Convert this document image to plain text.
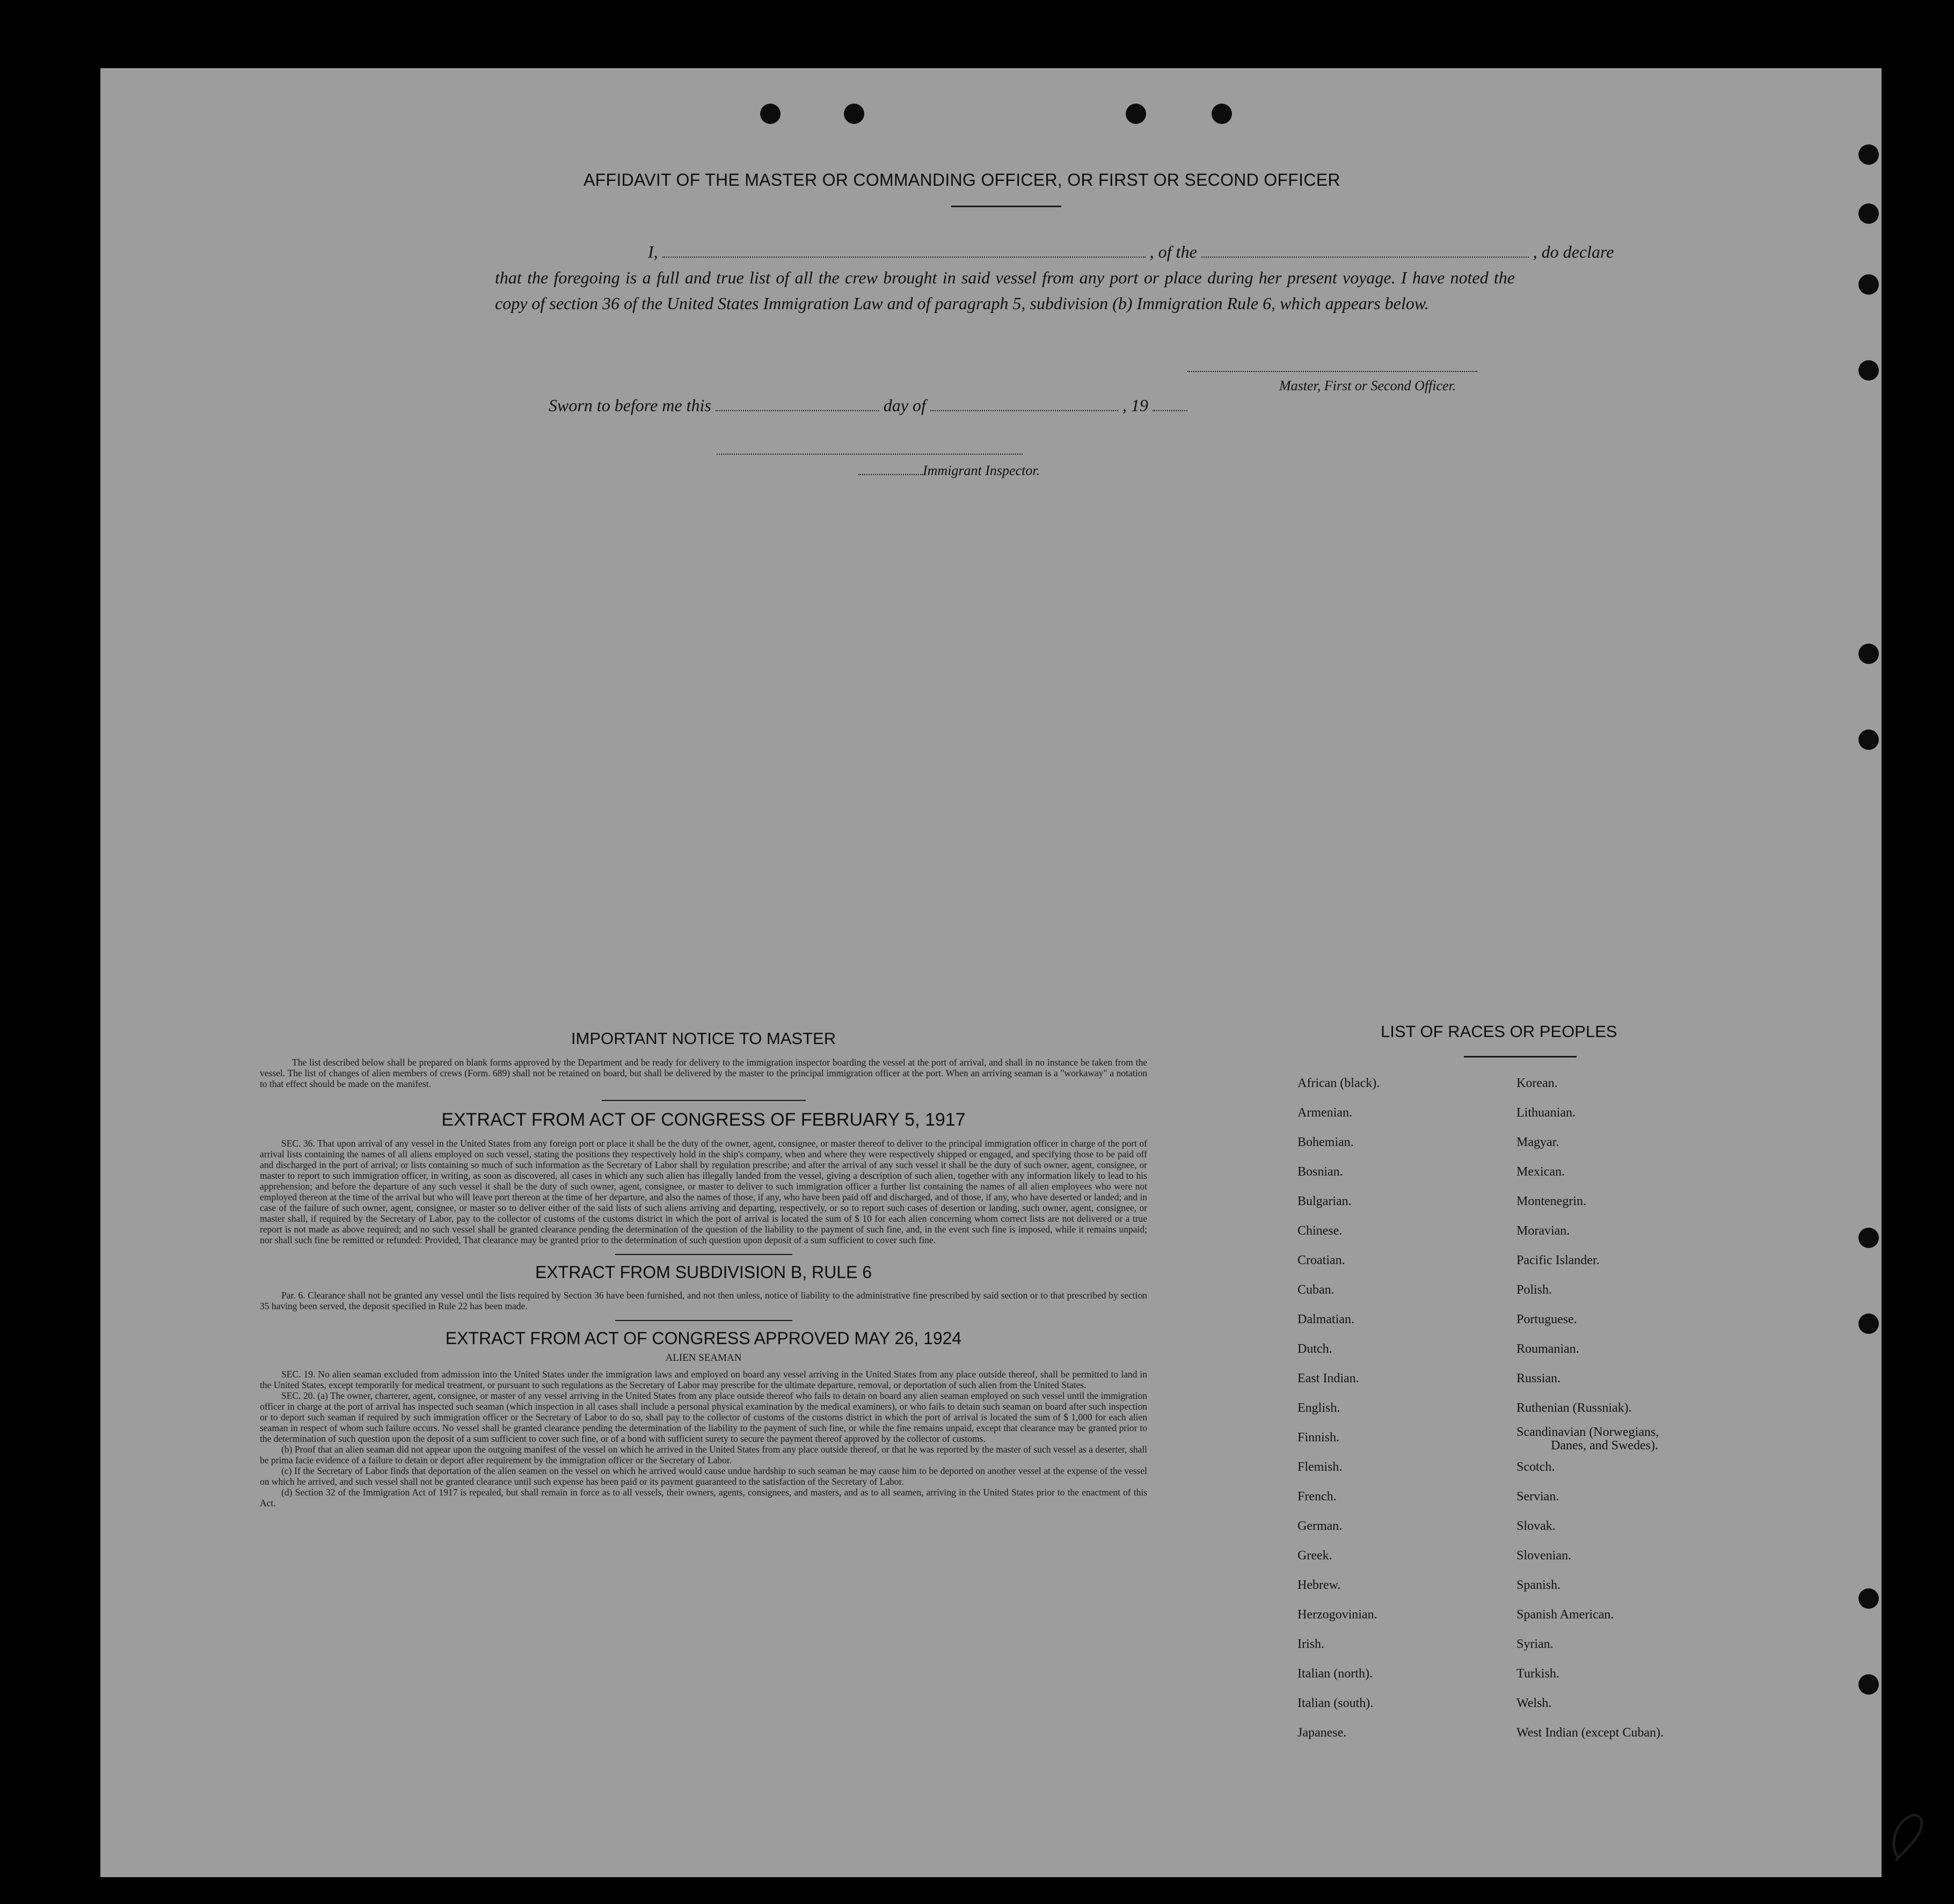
AFFIDAVIT OF THE MASTER OR COMMANDING OFFICER, OR FIRST OR SECOND OFFICER
I,	, of the	, do declare
that the foregoing is a full and true list of all the crew brought in said vessel from any port or place during her present voyage. I have noted the copy of section 36 of the United States Immigration Law and of paragraph 5, subdivision (b) Immigration Rule 6, which appears below.
Master, First or Second Officer.
Sworn to before me this	day of	, 19
Immigrant Inspector.
IMPORTANT NOTICE TO MASTER
The list described below shall be prepared on blank forms approved by the Department and be ready for delivery to the immigration inspector boarding the vessel at the port of arrival, and shall in no instance be taken from the vessel. The list of changes of alien members of crews (Form. 689) shall not be retained on board, but shall be delivered by the master to the principal immigration officer at the port. When an arriving seaman is a "workaway" a notation to that effect should be made on the manifest.
EXTRACT FROM ACT OF CONGRESS OF FEBRUARY 5, 1917
SEC. 36. That upon arrival of any vessel in the United States from any foreign port or place it shall be the duty of the owner, agent, consignee, or master thereof to deliver to the principal immigration officer in charge of the port of arrival lists containing the names of all aliens employed on such vessel, stating the positions they respectively hold in the ship's company, when and where they were respectively shipped or engaged, and specifying those to be paid off and discharged in the port of arrival; or lists containing so much of such information as the Secretary of Labor shall by regulation prescribe; and after the arrival of any such vessel it shall be the duty of such owner, agent, consignee, or master to report to such immigration officer, in writing, as soon as discovered, all cases in which any such alien has illegally landed from the vessel, giving a description of such alien, together with any information likely to lead to his apprehension; and before the departure of any such vessel it shall be the duty of such owner, agent, consignee, or master to deliver to such immigration officer a further list containing the names of all alien employees who were not employed thereon at the time of the arrival but who will leave port thereon at the time of her departure, and also the names of those, if any, who have been paid off and discharged, and of those, if any, who have deserted or landed; and in case of the failure of such owner, agent, consignee, or master so to deliver either of the said lists of such aliens arriving and departing, respectively, or so to report such cases of desertion or landing, such owner, agent, consignee, or master shall, if required by the Secretary of Labor, pay to the collector of customs of the customs district in which the port of arrival is located the sum of $ 10 for each alien concerning whom correct lists are not delivered or a true report is not made as above required; and no such vessel shall be granted clearance pending the determination of the question of the liability to the payment of such fine, and, in the event such fine is imposed, while it remains unpaid; nor shall such fine be remitted or refunded: Provided, That clearance may be granted prior to the determination of such question upon deposit of a sum sufficient to cover such fine.
EXTRACT FROM SUBDIVISION B, RULE 6
Par. 6. Clearance shall not be granted any vessel until the lists required by Section 36 have been furnished, and not then unless, notice of liability to the administrative fine prescribed by said section or to that prescribed by section 35 having been served, the deposit specified in Rule 22 has been made.
EXTRACT FROM ACT OF CONGRESS APPROVED MAY 26, 1924
ALIEN SEAMAN
SEC. 19. No alien seaman excluded from admission into the United States under the immigration laws and employed on board any vessel arriving in the United States from any place outside thereof, shall be permitted to land in the United States, except temporarily for medical treatment, or pursuant to such regulations as the Secretary of Labor may prescribe for the ultimate departure, removal, or deportation of such alien from the United States.
SEC. 20. (a) The owner, charterer, agent, consignee, or master of any vessel arriving in the United States from any place outside thereof who fails to detain on board any alien seaman employed on such vessel until the immigration officer in charge at the port of arrival has inspected such seaman (which inspection in all cases shall include a personal physical examination by the medical examiners), or who fails to detain such seaman on board after such inspection or to deport such seaman if required by such immigration officer or the Secretary of Labor to do so, shall pay to the collector of customs of the customs district in which the port of arrival is located the sum of $ 1,000 for each alien seaman in respect of whom such failure occurs. No vessel shall be granted clearance pending the determination of the liability to the payment of such fine, or while the fine remains unpaid, except that clearance may be granted prior to the determination of such question upon the deposit of a sum sufficient to cover such fine, or of a bond with sufficient surety to secure the payment thereof approved by the collector of customs.
(b) Proof that an alien seaman did not appear upon the outgoing manifest of the vessel on which he arrived in the United States from any place outside thereof, or that he was reported by the master of such vessel as a deserter, shall be prima facie evidence of a failure to detain or deport after requirement by the immigration officer or the Secretary of Labor.
(c) If the Secretary of Labor finds that deportation of the alien seamen on the vessel on which he arrived would cause undue hardship to such seaman he may cause him to be deported on another vessel at the expense of the vessel on which he arrived, and such vessel shall not be granted clearance until such expense has been paid or its payment guaranteed to the satisfaction of the Secretary of Labor.
(d) Section 32 of the Immigration Act of 1917 is repealed, but shall remain in force as to all vessels, their owners, agents, consignees, and masters, and as to all seamen, arriving in the United States prior to the enactment of this Act.
LIST OF RACES OR PEOPLES
African (black).
Armenian.
Bohemian.
Bosnian.
Bulgarian.
Chinese.
Croatian.
Cuban.
Dalmatian.
Dutch.
East Indian.
English.
Finnish.
Flemish.
French.
German.
Greek.
Hebrew.
Herzogovinian.
Irish.
Italian (north).
Italian (south).
Japanese.
Korean.
Lithuanian.
Magyar.
Mexican.
Montenegrin.
Moravian.
Pacific Islander.
Polish.
Portuguese.
Roumanian.
Russian.
Ruthenian (Russniak).
Scandinavian (Norwegians,
Danes, and Swedes).
Scotch.
Servian.
Slovak.
Slovenian.
Spanish.
Spanish American.
Syrian.
Turkish.
Welsh.
West Indian (except Cuban).
